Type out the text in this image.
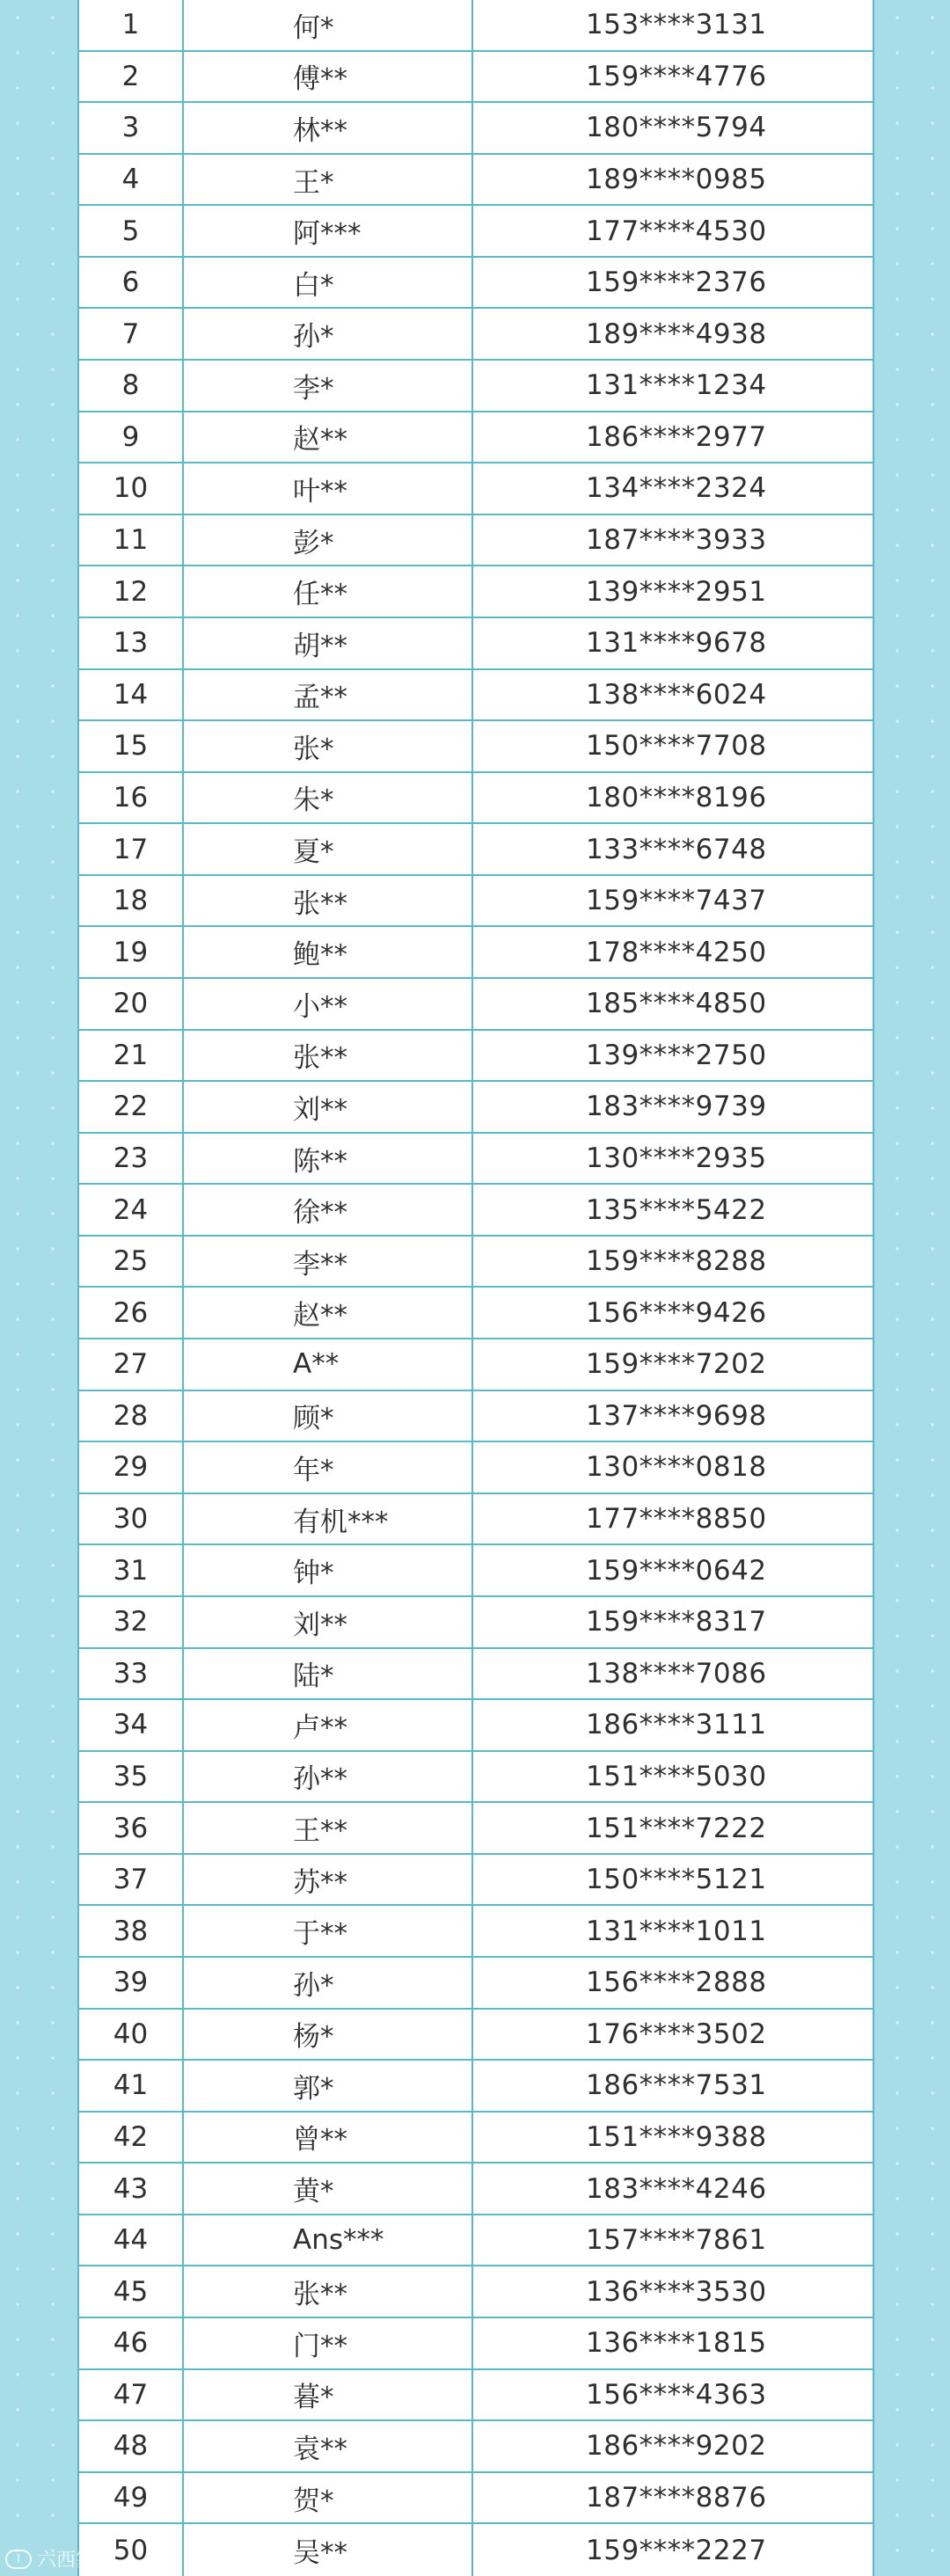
1	何*	153****3131
2	傅**	159****4776
3	林**	180****5794
4	王*	189****0985
5	阿***	177****4530
6	白*	159****2376
7	孙*	189****4938
8	李*	131****1234
9	赵**	186****2977
10	叶**	134****2324
11	彭*	187****3933
12	任**	139****2951
13	胡**	131****9678
14	孟**	138****6024
15	张*	150****7708
16	朱*	180****8196
17	夏*	133****6748
18	张**	159****7437
19	鲍**	178****4250
20	小**	185****4850
21	张**	139****2750
22	刘**	183****9739
23	陈**	130****2935
24	徐**	135****5422
25	李**	159****8288
26	赵**	156****9426
27	A**	159****7202
28	顾*	137****9698
29	年*	130****0818
30	有机***	177****8850
31	钟*	159****0642
32	刘**	159****8317
33	陆*	138****7086
34	卢**	186****3111
35	孙**	151****5030
36	王**	151****7222
37	苏**	150****5121
38	于**	131****1011
39	孙*	156****2888
40	杨*	176****3502
41	郭*	186****7531
42	曾**	151****9388
43	黄*	183****4246
44	Ans***	157****7861
45	张**	136****3530
46	门**	136****1815
47	暮*	156****4363
48	袁**	186****9202
49	贺*	187****8876
50	吴**	159****2227
l 六西塞盆
